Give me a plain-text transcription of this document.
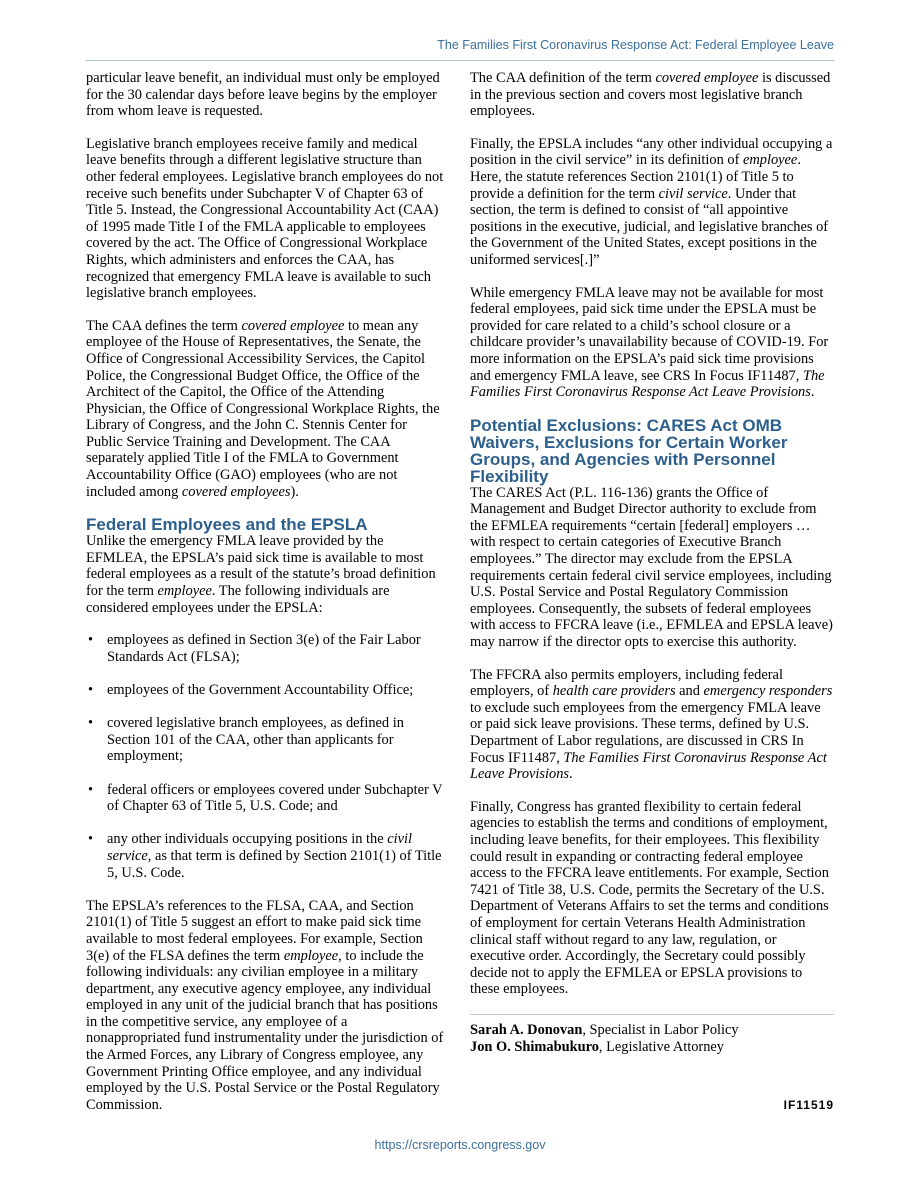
The Families First Coronavirus Response Act: Federal Employee Leave

particular leave benefit, an individual must only be employed for the 30 calendar days before leave begins by the employer from whom leave is requested.

Legislative branch employees receive family and medical leave benefits through a different legislative structure than other federal employees. Legislative branch employees do not receive such benefits under Subchapter V of Chapter 63 of Title 5. Instead, the Congressional Accountability Act (CAA) of 1995 made Title I of the FMLA applicable to employees covered by the act. The Office of Congressional Workplace Rights, which administers and enforces the CAA, has recognized that emergency FMLA leave is available to such legislative branch employees.

The CAA defines the term covered employee to mean any employee of the House of Representatives, the Senate, the Office of Congressional Accessibility Services, the Capitol Police, the Congressional Budget Office, the Office of the Architect of the Capitol, the Office of the Attending Physician, the Office of Congressional Workplace Rights, the Library of Congress, and the John C. Stennis Center for Public Service Training and Development. The CAA separately applied Title I of the FMLA to Government Accountability Office (GAO) employees (who are not included among covered employees).

Federal Employees and the EPSLA

Unlike the emergency FMLA leave provided by the EFMLEA, the EPSLA’s paid sick time is available to most federal employees as a result of the statute’s broad definition for the term employee. The following individuals are considered employees under the EPSLA:

• employees as defined in Section 3(e) of the Fair Labor Standards Act (FLSA);
• employees of the Government Accountability Office;
• covered legislative branch employees, as defined in Section 101 of the CAA, other than applicants for employment;
• federal officers or employees covered under Subchapter V of Chapter 63 of Title 5, U.S. Code; and
• any other individuals occupying positions in the civil service, as that term is defined by Section 2101(1) of Title 5, U.S. Code.

The EPSLA’s references to the FLSA, CAA, and Section 2101(1) of Title 5 suggest an effort to make paid sick time available to most federal employees. For example, Section 3(e) of the FLSA defines the term employee, to include the following individuals: any civilian employee in a military department, any executive agency employee, any individual employed in any unit of the judicial branch that has positions in the competitive service, any employee of a nonappropriated fund instrumentality under the jurisdiction of the Armed Forces, any Library of Congress employee, any Government Printing Office employee, and any individual employed by the U.S. Postal Service or the Postal Regulatory Commission.

The CAA definition of the term covered employee is discussed in the previous section and covers most legislative branch employees.

Finally, the EPSLA includes “any other individual occupying a position in the civil service” in its definition of employee. Here, the statute references Section 2101(1) of Title 5 to provide a definition for the term civil service. Under that section, the term is defined to consist of “all appointive positions in the executive, judicial, and legislative branches of the Government of the United States, except positions in the uniformed services[.]”

While emergency FMLA leave may not be available for most federal employees, paid sick time under the EPSLA must be provided for care related to a child’s school closure or a childcare provider’s unavailability because of COVID-19. For more information on the EPSLA’s paid sick time provisions and emergency FMLA leave, see CRS In Focus IF11487, The Families First Coronavirus Response Act Leave Provisions.

Potential Exclusions: CARES Act OMB Waivers, Exclusions for Certain Worker Groups, and Agencies with Personnel Flexibility

The CARES Act (P.L. 116-136) grants the Office of Management and Budget Director authority to exclude from the EFMLEA requirements “certain [federal] employers … with respect to certain categories of Executive Branch employees.” The director may exclude from the EPSLA requirements certain federal civil service employees, including U.S. Postal Service and Postal Regulatory Commission employees. Consequently, the subsets of federal employees with access to FFCRA leave (i.e., EFMLEA and EPSLA leave) may narrow if the director opts to exercise this authority.

The FFCRA also permits employers, including federal employers, of health care providers and emergency responders to exclude such employees from the emergency FMLA leave or paid sick leave provisions. These terms, defined by U.S. Department of Labor regulations, are discussed in CRS In Focus IF11487, The Families First Coronavirus Response Act Leave Provisions.

Finally, Congress has granted flexibility to certain federal agencies to establish the terms and conditions of employment, including leave benefits, for their employees. This flexibility could result in expanding or contracting federal employee access to the FFCRA leave entitlements. For example, Section 7421 of Title 38, U.S. Code, permits the Secretary of the U.S. Department of Veterans Affairs to set the terms and conditions of employment for certain Veterans Health Administration clinical staff without regard to any law, regulation, or executive order. Accordingly, the Secretary could possibly decide not to apply the EFMLEA or EPSLA provisions to these employees.

Sarah A. Donovan, Specialist in Labor Policy
Jon O. Shimabukuro, Legislative Attorney
IF11519
https://crsreports.congress.gov
